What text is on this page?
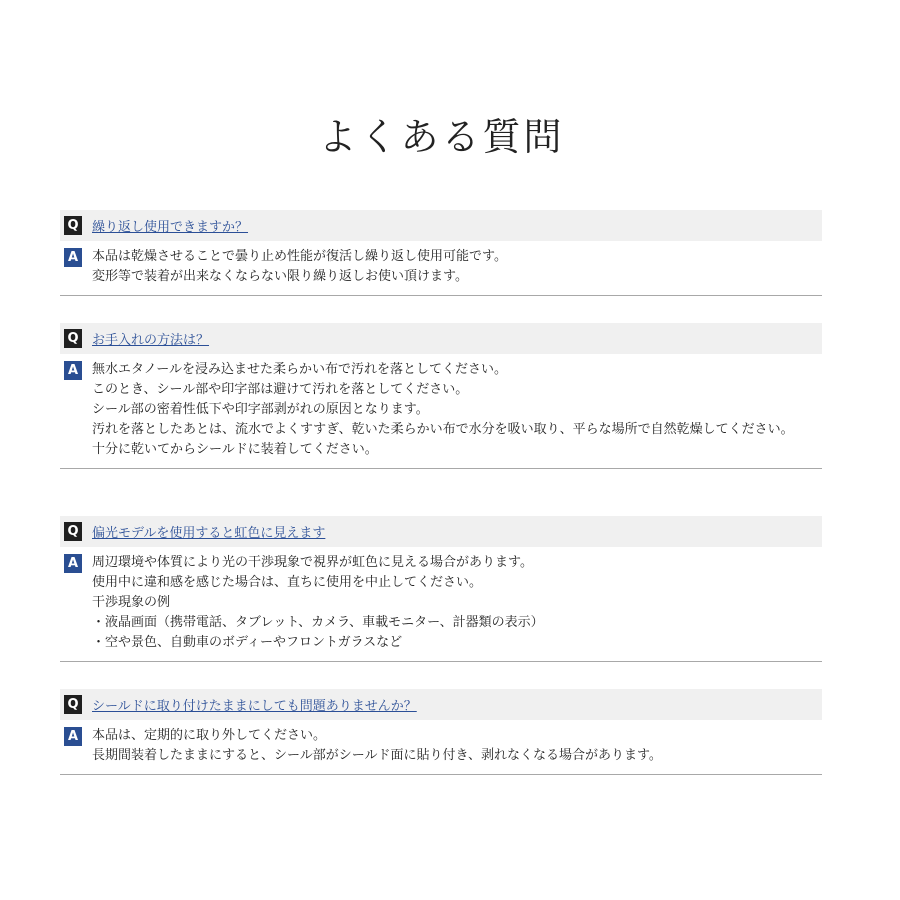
よくある質問
Q 繰り返し使用できますか？
A	本品は乾燥させることで曇り止め性能が復活し繰り返し使用可能です。
変形等で装着が出来なくならない限り繰り返しお使い頂けます。
Q お手入れの方法は？
A	無水エタノールを浸み込ませた柔らかい布で汚れを落としてください。
このとき、シール部や印字部は避けて汚れを落としてください。
シール部の密着性低下や印字部剥がれの原因となります。
汚れを落としたあとは、流水でよくすすぎ、乾いた柔らかい布で水分を吸い取り、平らな場所で自然乾燥してください。
十分に乾いてからシールドに装着してください。
Q 偏光モデルを使用すると虹色に見えます
A	周辺環境や体質により光の干渉現象で視界が虹色に見える場合があります。
使用中に違和感を感じた場合は、直ちに使用を中止してください。
干渉現象の例
・液晶画面（携帯電話、タブレット、カメラ、車載モニター、計器類の表示）
・空や景色、自動車のボディーやフロントガラスなど
Q シールドに取り付けたままにしても問題ありませんか？
A	本品は、定期的に取り外してください。
長期間装着したままにすると、シール部がシールド面に貼り付き、剥れなくなる場合があります。
